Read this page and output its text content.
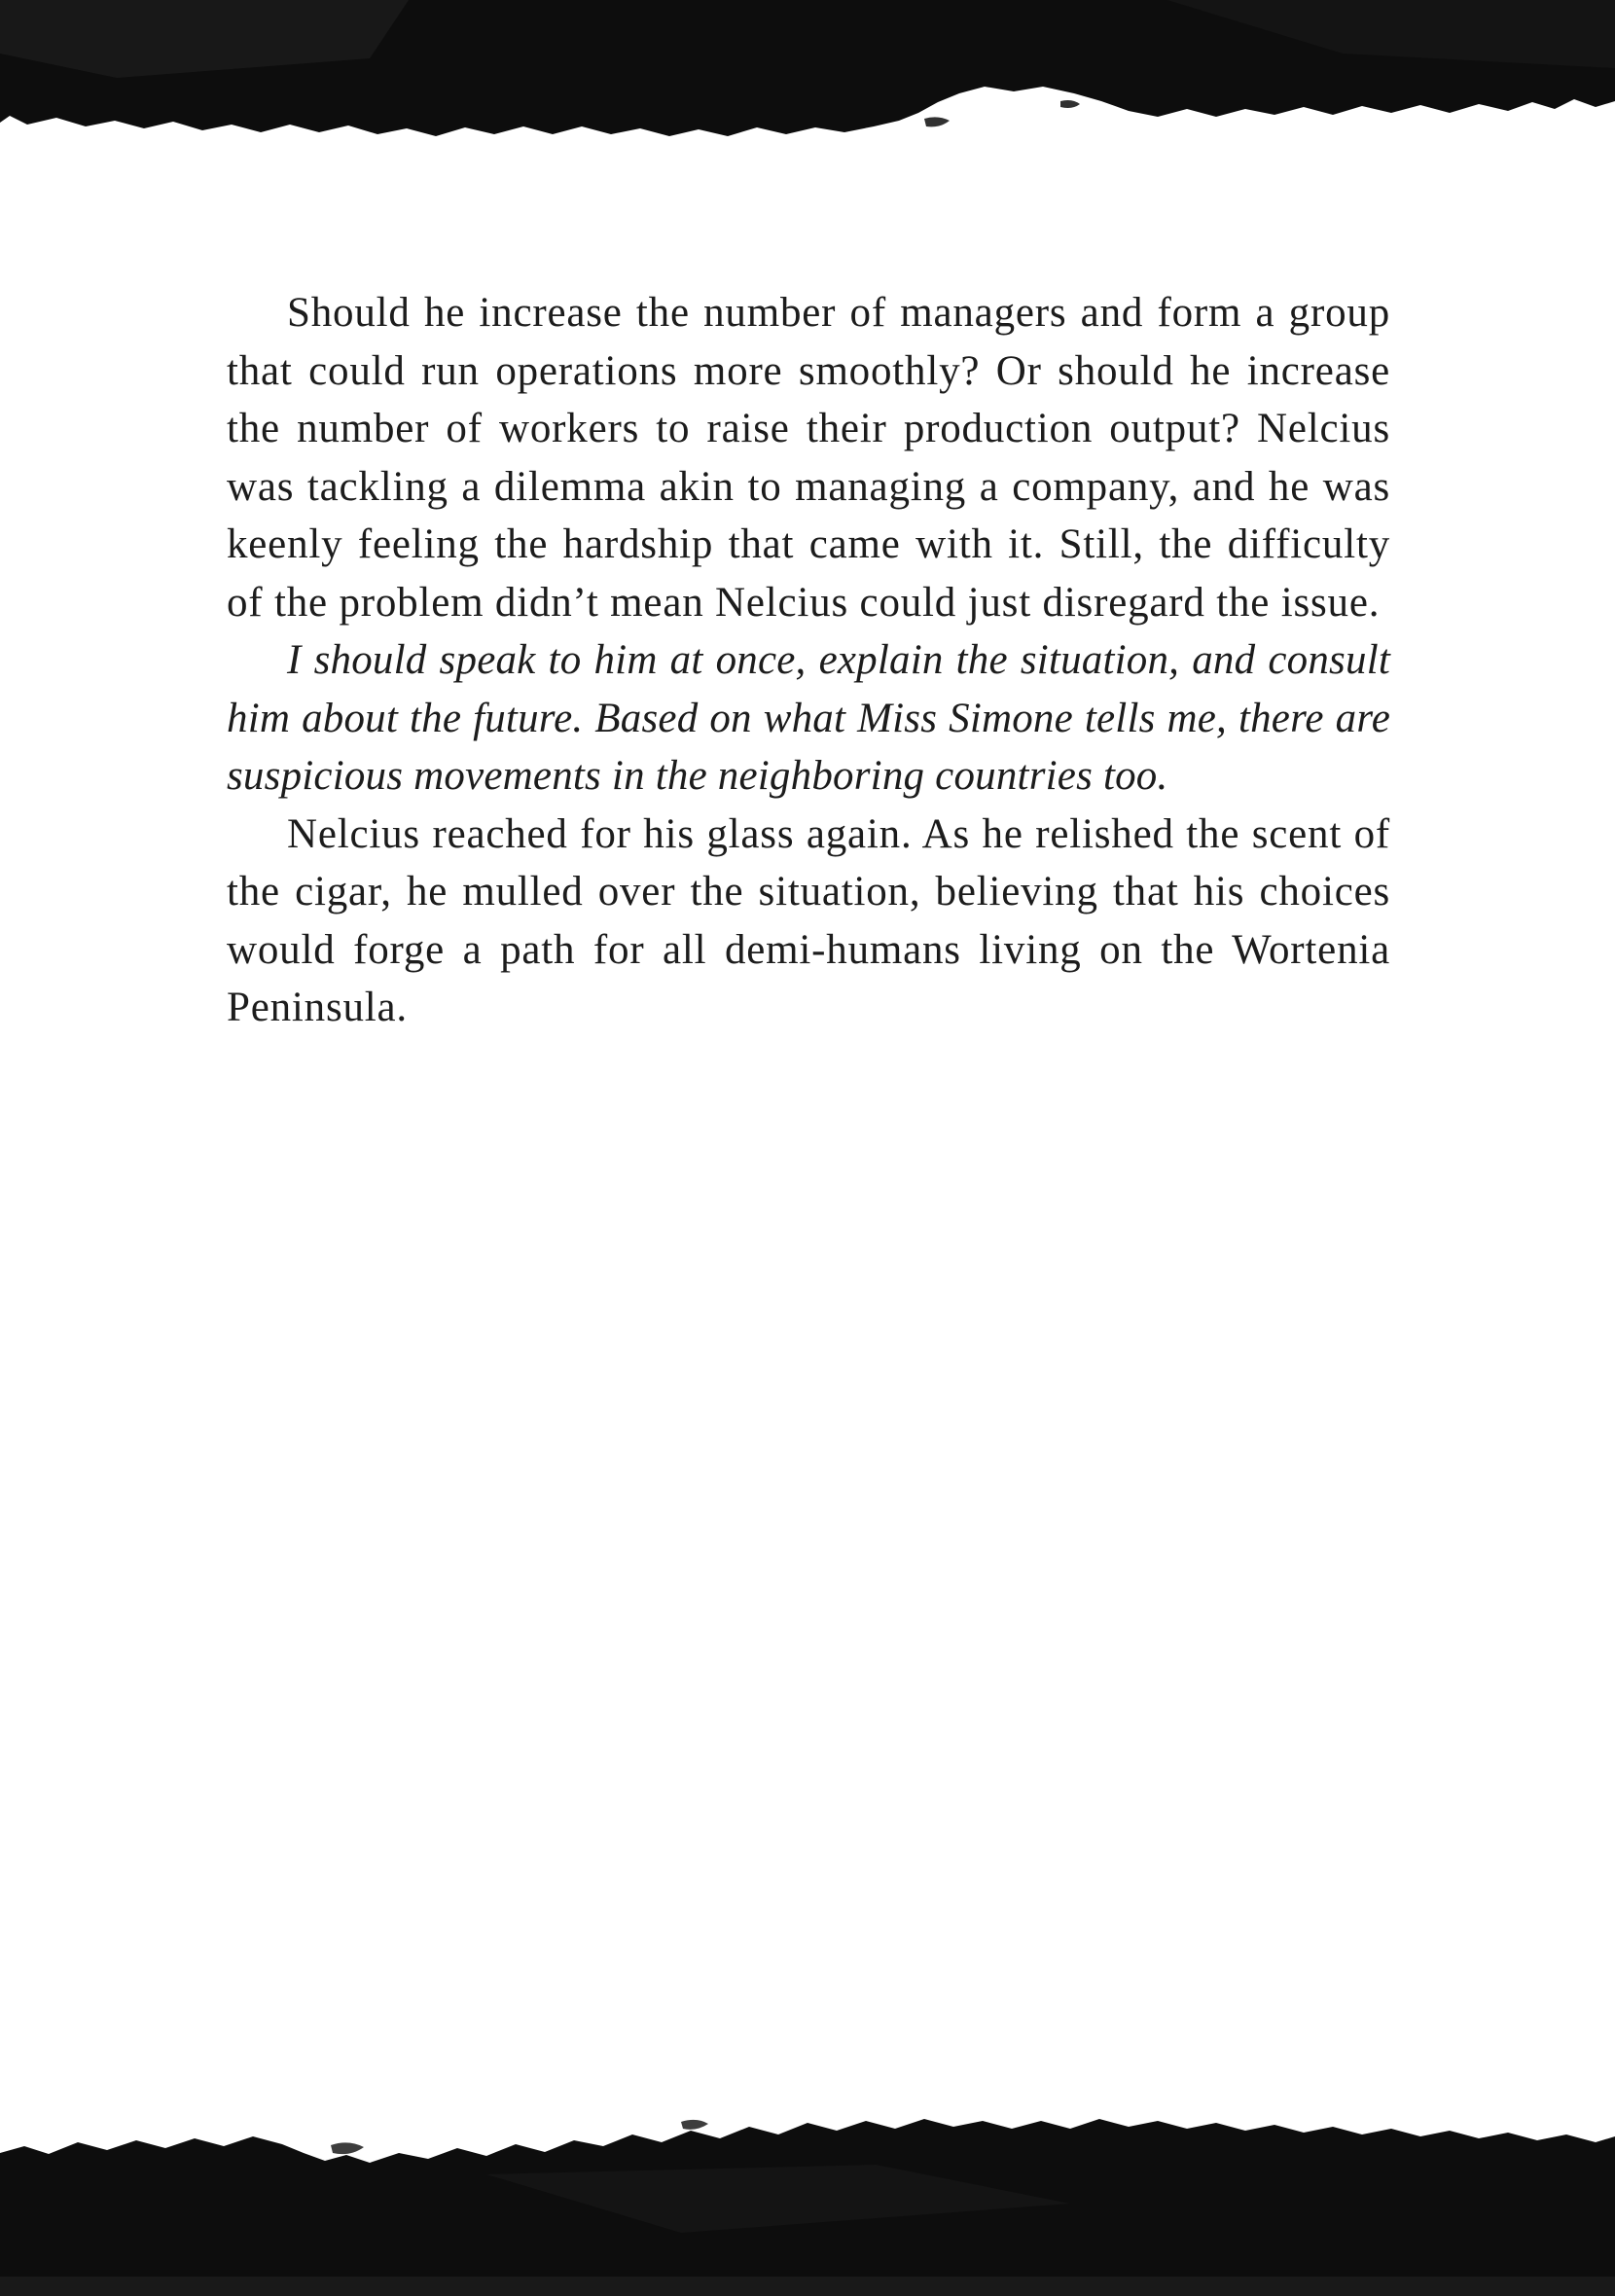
Should he increase the number of managers and form a group that could run operations more smoothly? Or should he increase the number of workers to raise their production output? Nelcius was tackling a dilemma akin to managing a company, and he was keenly feeling the hardship that came with it. Still, the difficulty of the problem didn’t mean Nelcius could just disregard the issue.

I should speak to him at once, explain the situation, and consult him about the future. Based on what Miss Simone tells me, there are suspicious movements in the neighboring countries too.

Nelcius reached for his glass again. As he relished the scent of the cigar, he mulled over the situation, believing that his choices would forge a path for all demi-humans living on the Wortenia Peninsula.
